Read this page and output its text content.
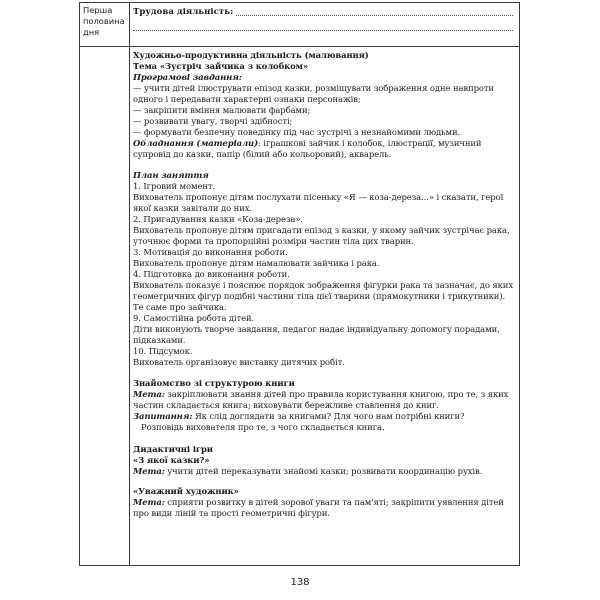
Перша половина дня
Трудова діяльність:

Художньо-продуктивна діяльність (малювання)

Тема «Зустріч зайчика з колобком»

Програмові завдання:

— учити дітей ілюструвати епізод казки, розміщувати зображення одне навпроти одного і передавати характерні ознаки персонажів;

— закріпити вміння малювати фарбами;

— розвивати увагу, творчі здібності;

— формувати безпечну поведінку під час зустрічі з незнайомими людьми.

Обладнання (матеріали): іграшкові зайчик і колобок, ілюстрації, музичний супровід до казки, папір (білий або кольоровий), акварель.

План заняття

1. Ігровий момент.

Вихователь пропонує дітям послухати пісеньку «Я — коза-дереза...» і сказати, герої якої казки завітали до них.

2. Пригадування казки «Коза-дереза».

Вихователь пропонує дітям пригадати епізод з казки, у якому зайчик зустрічає рака, уточнює форми та пропорційні розміри частин тіла цих тварин.

3. Мотивація до виконання роботи.

Вихователь пропонує дітям намалювати зайчика і рака.

4. Підготовка до виконання роботи.

Вихователь показує і пояснює порядок зображення фігурки рака та зазначає, до яких геометричних фігур подібні частини тіла цієї тварини (прямокутники і трикутники). Те саме про зайчика.

9. Самостійна робота дітей.

Діти виконують творче завдання, педагог надає індивідуальну допомогу порадами, підказками.

10. Підсумок.

Вихователь організовує виставку дитячих робіт.

Знайомство зі структурою книги

Мета: закріплювати знання дітей про правила користування книгою, про те, з яких частин складається книга; виховувати бережливе ставлення до книг.

Запитання: Як слід доглядати за книгами? Для чого нам потрібні книги?

Розповідь вихователя про те, з чого складається книга.

Дидактичні ігри

«З якої казки?»

Мета: учити дітей переказувати знайомі казки; розвивати координацію рухів.

«Уважний художник»

Мета: сприяти розвитку в дітей зорової уваги та пам'яті; закріпити уявлення дітей про види ліній та прості геометричні фігури.

138
